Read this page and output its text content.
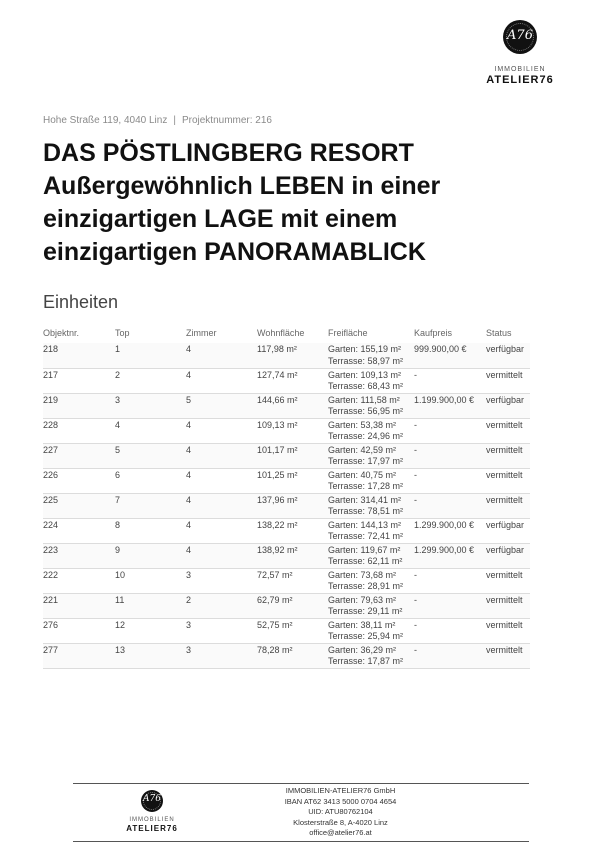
A76
IMMOBILIEN
ATELIER76
Hohe Straße 119, 4040 Linz | Projektnummer: 216
DAS PÖSTLINGBERG RESORT
Außergewöhnlich LEBEN in einer
einzigartigen LAGE mit einem
einzigartigen PANORAMABLICK
Einheiten
Objektnr.	Top	Zimmer	Wohnfläche	Freifläche	Kaufpreis	Status

218	1	4	117,98 m²	Garten: 155,19 m²
Terrasse: 58,97 m²	999.900,00 €	verfügbar

217	2	4	127,74 m²	Garten: 109,13 m²
Terrasse: 68,43 m²	-	vermittelt

219	3	5	144,66 m²	Garten: 111,58 m²
Terrasse: 56,95 m²	1.199.900,00 €	verfügbar

228	4	4	109,13 m²	Garten: 53,38 m²
Terrasse: 24,96 m²	-	vermittelt

227	5	4	101,17 m²	Garten: 42,59 m²
Terrasse: 17,97 m²	-	vermittelt

226	6	4	101,25 m²	Garten: 40,75 m²
Terrasse: 17,28 m²	-	vermittelt

225	7	4	137,96 m²	Garten: 314,41 m²
Terrasse: 78,51 m²	-	vermittelt

224	8	4	138,22 m²	Garten: 144,13 m²
Terrasse: 72,41 m²	1.299.900,00 €	verfügbar

223	9	4	138,92 m²	Garten: 119,67 m²
Terrasse: 62,11 m²	1.299.900,00 €	verfügbar

222	10	3	72,57 m²	Garten: 73,68 m²
Terrasse: 28,91 m²	-	vermittelt

221	11	2	62,79 m²	Garten: 79,63 m²
Terrasse: 29,11 m²	-	vermittelt

276	12	3	52,75 m²	Garten: 38,11 m²
Terrasse: 25,94 m²	-	vermittelt

277	13	3	78,28 m²	Garten: 36,29 m²
Terrasse: 17,87 m²	-	vermittelt
A76
IMMOBILIEN
ATELIER76
IMMOBILIEN-ATELIER76 GmbH
IBAN AT62 3413 5000 0704 4654
UID: ATU80762104
Klosterstraße 8, A-4020 Linz
office@atelier76.at
